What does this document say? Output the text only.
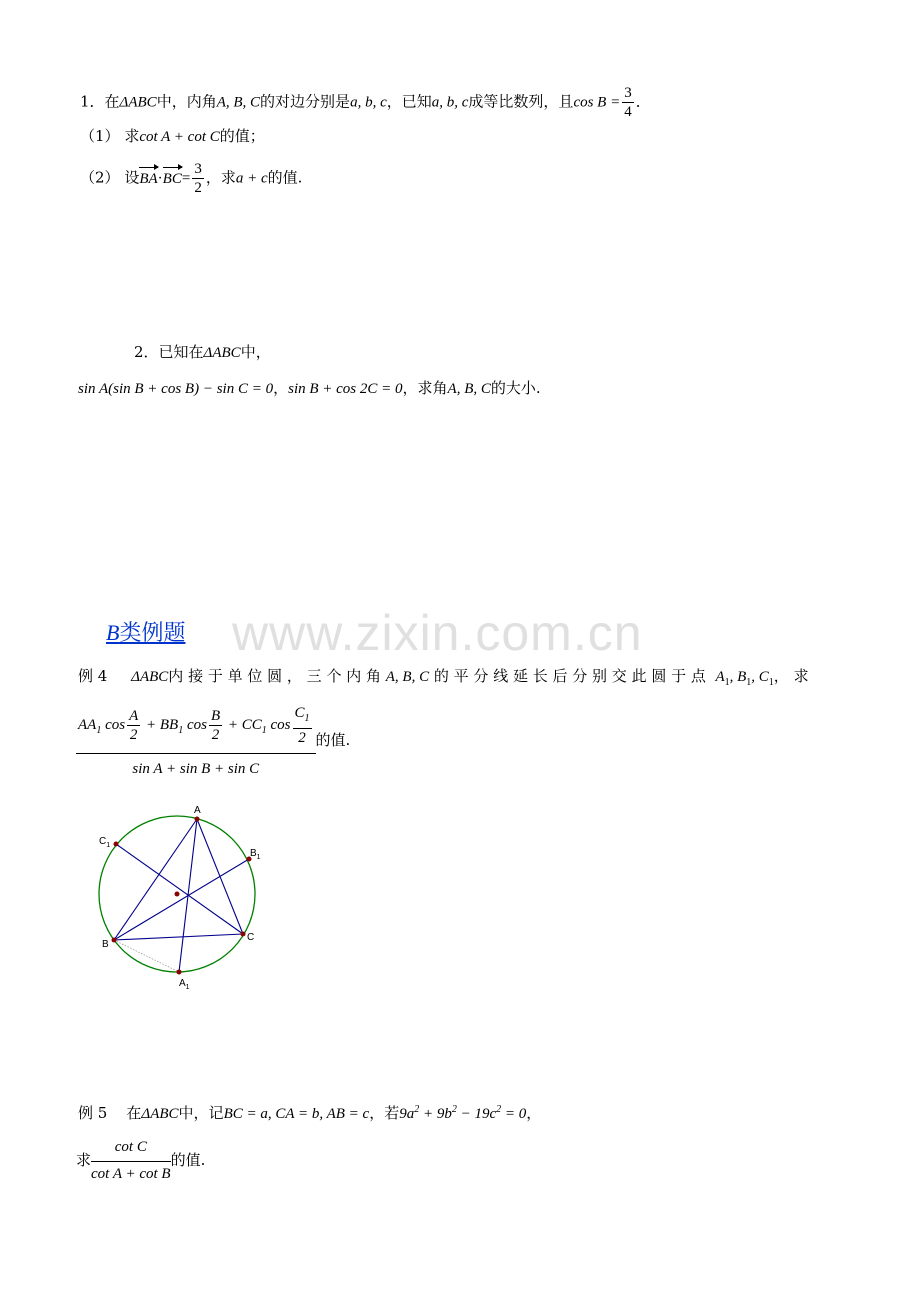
1．在ΔABC中，内角A, B, C的对边分别是a, b, c，已知a, b, c成等比数列，且$\cos B = \frac{3}{4}$ ．
（1） 求cot A + cot C的值；
（2） 设$BA\cdot BC= \frac{3}{2}$ ，求a + c的值.
2．已知在ΔABC中，
sin A(sin B + cos B) − sin C = 0，sin B + cos 2C = 0，求角A, B, C的大小.
www.zixin.com.cn
B类例题
例 4 ΔABC内 接 于 单 位 圆 ， 三 个 内 角 A, B, C 的 平 分 线 延 长 后 分 别 交 此 圆 于 点 $A_1$, $B_1$, $C_1$， 求
$AA_1$ $\cos \frac{A}{2} + BB_1$ $\cos \frac{B}{2} + CC_1$ $\cos \frac{C_1}{2}$
sin A + sin B + sin C
的值.
A
B
C
$C_1$
$B_1$
$A_1$
例 5 在ΔABC中，记BC = a, CA = b, AB = c，若$9a^2 + 9b^2 - 19c^2 = 0$，
求 $\frac{\text{cot C}}{\text{cot A + cot B}}$ 的值.
